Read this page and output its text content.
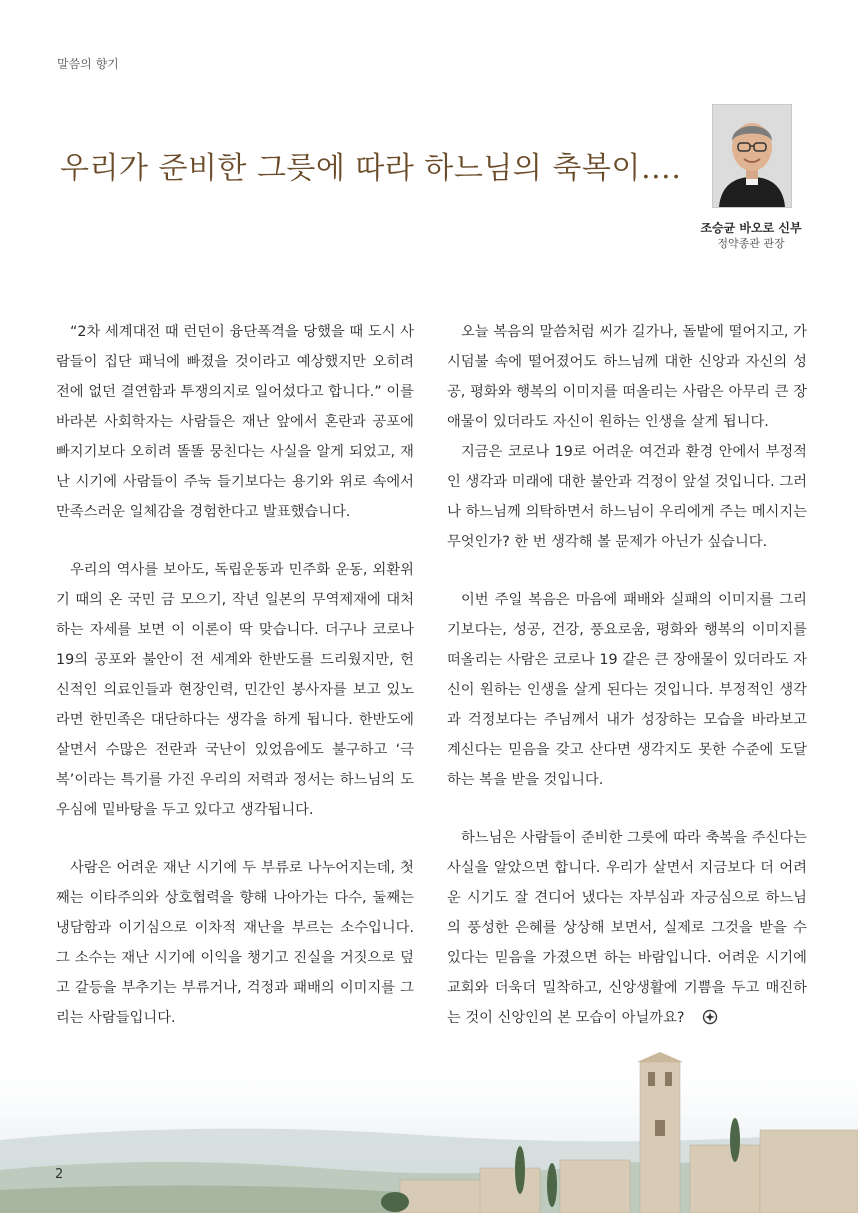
말씀의 향기
우리가 준비한 그릇에 따라 하느님의 축복이….
조승균 바오로 신부
정약종관 관장

“2차 세계대전 때 런던이 융단폭격을 당했을 때 도시 사람들이 집단 패닉에 빠졌을 것이라고 예상했지만 오히려 전에 없던 결연함과 투쟁의지로 일어섰다고 합니다.” 이를 바라본 사회학자는 사람들은 재난 앞에서 혼란과 공포에 빠지기보다 오히려 똘똘 뭉친다는 사실을 알게 되었고, 재난 시기에 사람들이 주눅 들기보다는 용기와 위로 속에서 만족스러운 일체감을 경험한다고 발표했습니다.

우리의 역사를 보아도, 독립운동과 민주화 운동, 외환위기 때의 온 국민 금 모으기, 작년 일본의 무역제재에 대처하는 자세를 보면 이 이론이 딱 맞습니다. 더구나 코로나 19의 공포와 불안이 전 세계와 한반도를 드리웠지만, 헌신적인 의료인들과 현장인력, 민간인 봉사자를 보고 있노라면 한민족은 대단하다는 생각을 하게 됩니다. 한반도에 살면서 수많은 전란과 국난이 있었음에도 불구하고 ‘극복’이라는 특기를 가진 우리의 저력과 정서는 하느님의 도우심에 밑바탕을 두고 있다고 생각됩니다.

사람은 어려운 재난 시기에 두 부류로 나누어지는데, 첫째는 이타주의와 상호협력을 향해 나아가는 다수, 둘째는 냉담함과 이기심으로 이차적 재난을 부르는 소수입니다. 그 소수는 재난 시기에 이익을 챙기고 진실을 거짓으로 덮고 갈등을 부추기는 부류거나, 걱정과 패배의 이미지를 그리는 사람들입니다.

오늘 복음의 말씀처럼 씨가 길가나, 돌밭에 떨어지고, 가시덤불 속에 떨어졌어도 하느님께 대한 신앙과 자신의 성공, 평화와 행복의 이미지를 떠올리는 사람은 아무리 큰 장애물이 있더라도 자신이 원하는 인생을 살게 됩니다.

지금은 코로나 19로 어려운 여건과 환경 안에서 부정적인 생각과 미래에 대한 불안과 걱정이 앞설 것입니다. 그러나 하느님께 의탁하면서 하느님이 우리에게 주는 메시지는 무엇인가? 한 번 생각해 볼 문제가 아닌가 싶습니다.

이번 주일 복음은 마음에 패배와 실패의 이미지를 그리기보다는, 성공, 건강, 풍요로움, 평화와 행복의 이미지를 떠올리는 사람은 코로나 19 같은 큰 장애물이 있더라도 자신이 원하는 인생을 살게 된다는 것입니다. 부정적인 생각과 걱정보다는 주님께서 내가 성장하는 모습을 바라보고 계신다는 믿음을 갖고 산다면 생각지도 못한 수준에 도달하는 복을 받을 것입니다.

하느님은 사람들이 준비한 그릇에 따라 축복을 주신다는 사실을 알았으면 합니다. 우리가 살면서 지금보다 더 어려운 시기도 잘 견디어 냈다는 자부심과 자긍심으로 하느님의 풍성한 은혜를 상상해 보면서, 실제로 그것을 받을 수 있다는 믿음을 가졌으면 하는 바람입니다. 어려운 시기에 교회와 더욱더 밀착하고, 신앙생활에 기쁨을 두고 매진하는 것이 신앙인의 본 모습이 아닐까요?

2
